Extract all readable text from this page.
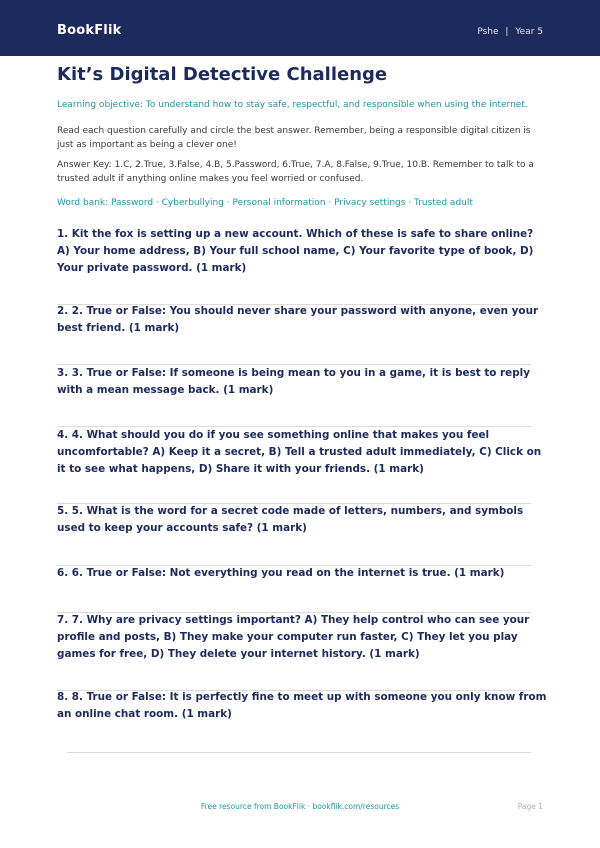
BookFlik	Pshe | Year 5
Kit’s Digital Detective Challenge
Learning objective: To understand how to stay safe, respectful, and responsible when using the internet.
Read each question carefully and circle the best answer. Remember, being a responsible digital citizen is just as important as being a clever one!
Answer Key: 1.C, 2.True, 3.False, 4.B, 5.Password, 6.True, 7.A, 8.False, 9.True, 10.B. Remember to talk to a trusted adult if anything online makes you feel worried or confused.
Word bank: Password · Cyberbullying · Personal information · Privacy settings · Trusted adult
1. Kit the fox is setting up a new account. Which of these is safe to share online? A) Your home address, B) Your full school name, C) Your favorite type of book, D) Your private password. (1 mark)
2. 2. True or False: You should never share your password with anyone, even your best friend. (1 mark)
3. 3. True or False: If someone is being mean to you in a game, it is best to reply with a mean message back. (1 mark)
4. 4. What should you do if you see something online that makes you feel uncomfortable? A) Keep it a secret, B) Tell a trusted adult immediately, C) Click on it to see what happens, D) Share it with your friends. (1 mark)
5. 5. What is the word for a secret code made of letters, numbers, and symbols used to keep your accounts safe? (1 mark)
6. 6. True or False: Not everything you read on the internet is true. (1 mark)
7. 7. Why are privacy settings important? A) They help control who can see your profile and posts, B) They make your computer run faster, C) They let you play games for free, D) They delete your internet history. (1 mark)
8. 8. True or False: It is perfectly fine to meet up with someone you only know from an online chat room. (1 mark)
Free resource from BookFlik · bookflik.com/resources	Page 1
